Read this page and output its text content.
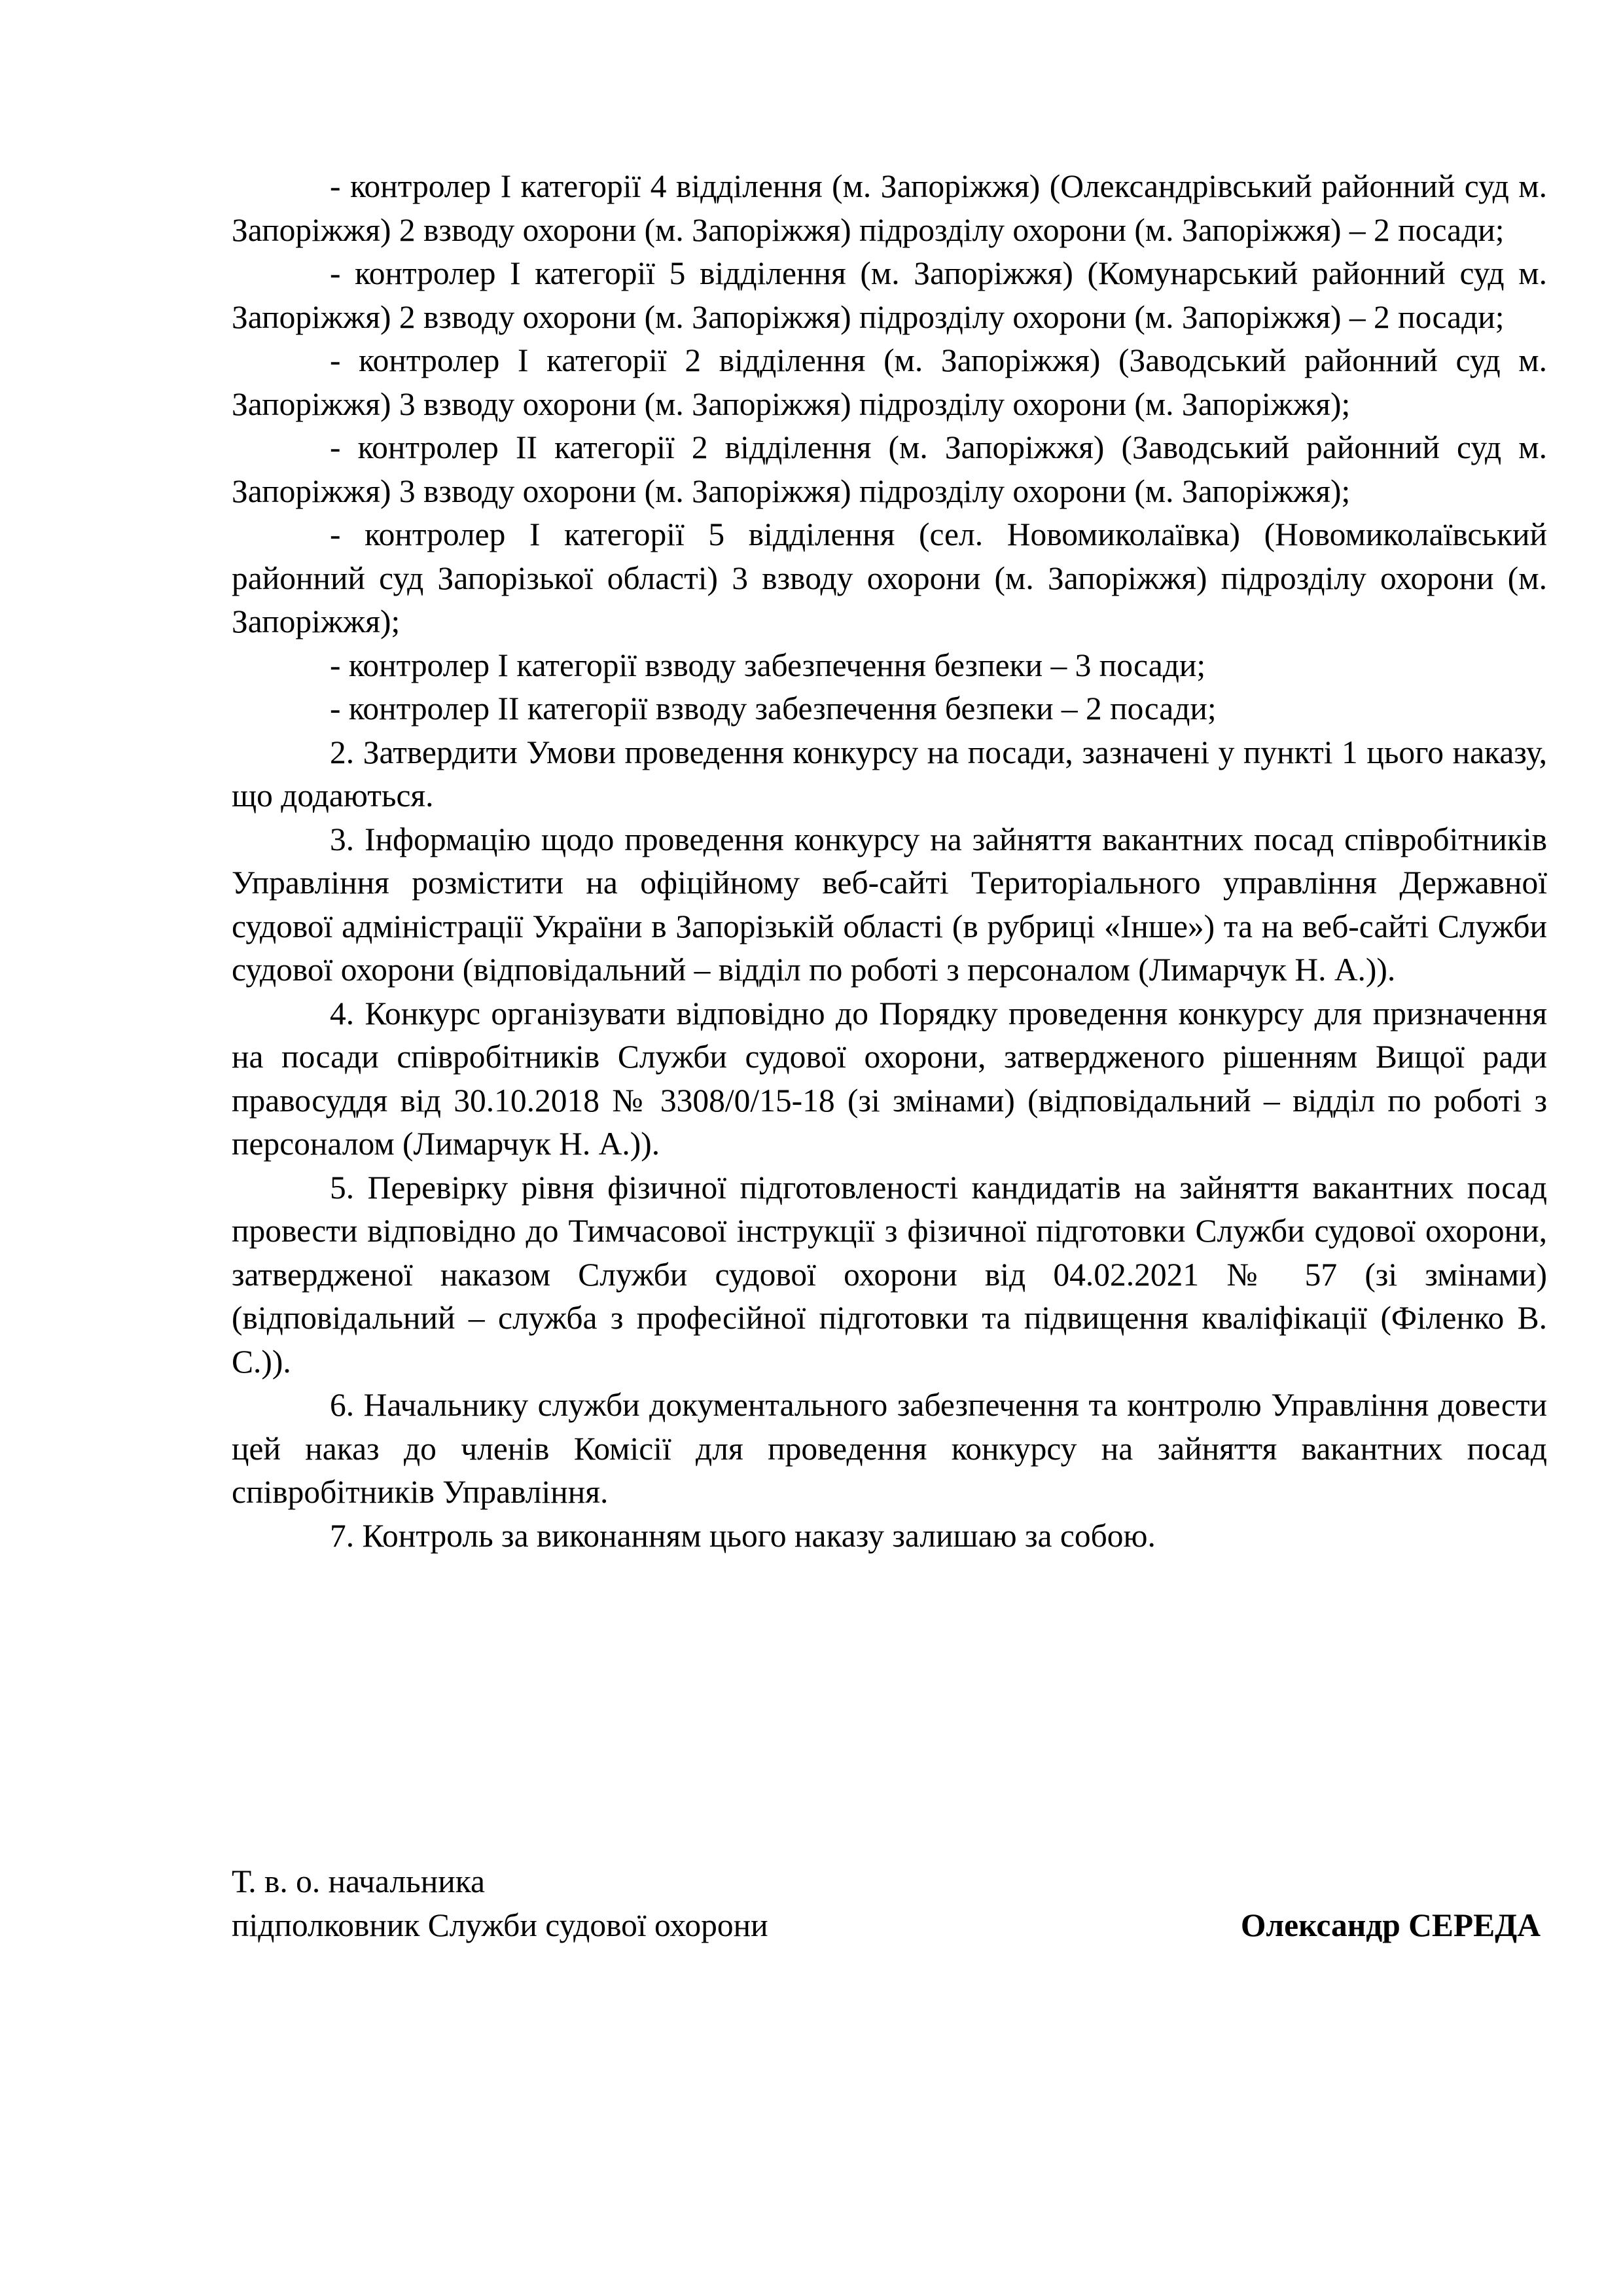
- контролер I категорії 4 відділення (м. Запоріжжя) (Олександрівський районний суд м. Запоріжжя) 2 взводу охорони (м. Запоріжжя) підрозділу охорони (м. Запоріжжя) – 2 посади;

- контролер I категорії 5 відділення (м. Запоріжжя) (Комунарський районний суд м. Запоріжжя) 2 взводу охорони (м. Запоріжжя) підрозділу охорони (м. Запоріжжя) – 2 посади;

- контролер I категорії 2 відділення (м. Запоріжжя) (Заводський районний суд м. Запоріжжя) 3 взводу охорони (м. Запоріжжя) підрозділу охорони (м. Запоріжжя);

- контролер II категорії 2 відділення (м. Запоріжжя) (Заводський районний суд м. Запоріжжя) 3 взводу охорони (м. Запоріжжя) підрозділу охорони (м. Запоріжжя);

- контролер I категорії 5 відділення (сел. Новомиколаївка) (Новомиколаївський районний суд Запорізької області) 3 взводу охорони (м. Запоріжжя) підрозділу охорони (м. Запоріжжя);

- контролер I категорії взводу забезпечення безпеки – 3 посади;

- контролер II категорії взводу забезпечення безпеки – 2 посади;

2. Затвердити Умови проведення конкурсу на посади, зазначені у пункті 1 цього наказу, що додаються.

3. Інформацію щодо проведення конкурсу на зайняття вакантних посад співробітників Управління розмістити на офіційному веб-сайті Територіального управління Державної судової адміністрації України в Запорізькій області (в рубриці «Інше») та на веб-сайті Служби судової охорони (відповідальний – відділ по роботі з персоналом (Лимарчук Н. А.)).

4. Конкурс організувати відповідно до Порядку проведення конкурсу для призначення на посади співробітників Служби судової охорони, затвердженого рішенням Вищої ради правосуддя від 30.10.2018 № 3308/0/15-18 (зі змінами) (відповідальний – відділ по роботі з персоналом (Лимарчук Н. А.)).

5. Перевірку рівня фізичної підготовленості кандидатів на зайняття вакантних посад провести відповідно до Тимчасової інструкції з фізичної підготовки Служби судової охорони, затвердженої наказом Служби судової охорони від 04.02.2021 № 57 (зі змінами) (відповідальний – служба з професійної підготовки та підвищення кваліфікації (Філенко В. С.)).

6. Начальнику служби документального забезпечення та контролю Управління довести цей наказ до членів Комісії для проведення конкурсу на зайняття вакантних посад співробітників Управління.

7. Контроль за виконанням цього наказу залишаю за собою.

Т. в. о. начальника
підполковник Служби судової охорони	Олександр СЕРЕДА
